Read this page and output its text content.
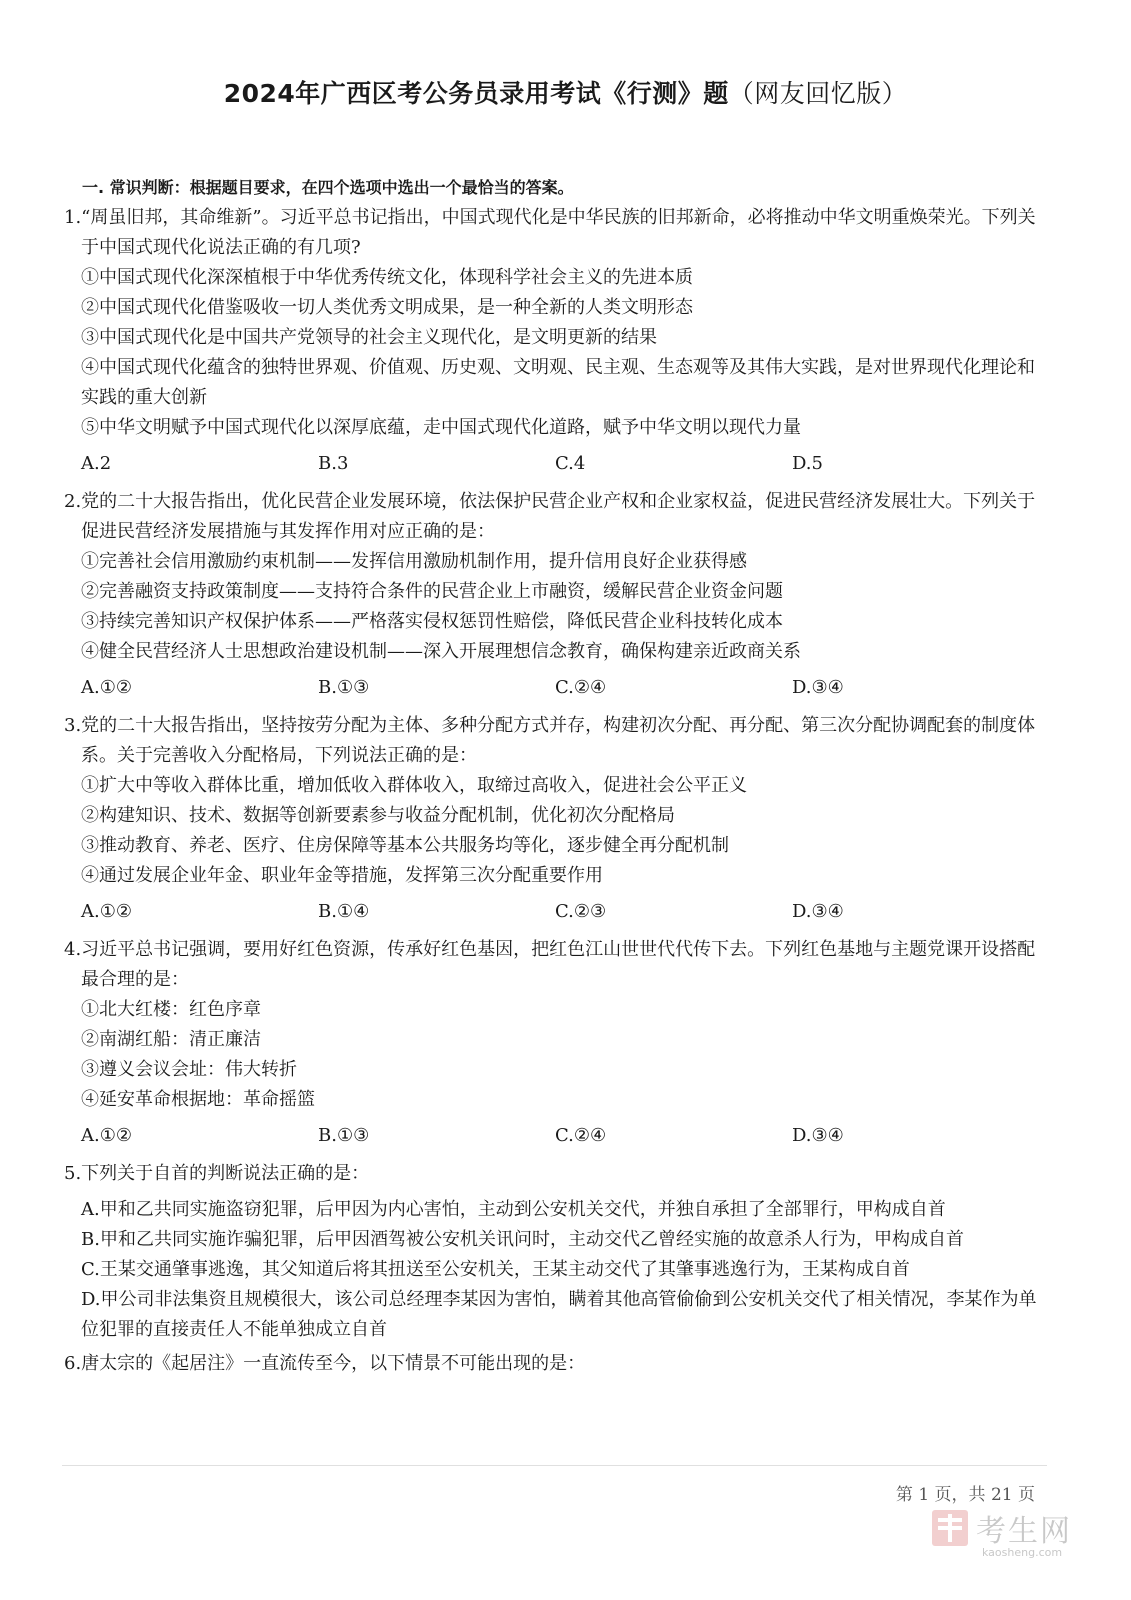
2024年广西区考公务员录用考试《行测》题（网友回忆版）

一. 常识判断：根据题目要求，在四个选项中选出一个最恰当的答案。

1.“周虽旧邦，其命维新”。习近平总书记指出，中国式现代化是中华民族的旧邦新命，必将推动中华文明重焕荣光。下列关于中国式现代化说法正确的有几项?

①中国式现代化深深植根于中华优秀传统文化，体现科学社会主义的先进本质

②中国式现代化借鉴吸收一切人类优秀文明成果，是一种全新的人类文明形态

③中国式现代化是中国共产党领导的社会主义现代化，是文明更新的结果

④中国式现代化蕴含的独特世界观、价值观、历史观、文明观、民主观、生态观等及其伟大实践，是对世界现代化理论和实践的重大创新

⑤中华文明赋予中国式现代化以深厚底蕴，走中国式现代化道路，赋予中华文明以现代力量

A.2	B.3	C.4	D.5

2.党的二十大报告指出，优化民营企业发展环境，依法保护民营企业产权和企业家权益，促进民营经济发展壮大。下列关于促进民营经济发展措施与其发挥作用对应正确的是：

①完善社会信用激励约束机制——发挥信用激励机制作用，提升信用良好企业获得感

②完善融资支持政策制度——支持符合条件的民营企业上市融资，缓解民营企业资金问题

③持续完善知识产权保护体系——严格落实侵权惩罚性赔偿，降低民营企业科技转化成本

④健全民营经济人士思想政治建设机制——深入开展理想信念教育，确保构建亲近政商关系

A.①②	B.①③	C.②④	D.③④

3.党的二十大报告指出，坚持按劳分配为主体、多种分配方式并存，构建初次分配、再分配、第三次分配协调配套的制度体系。关于完善收入分配格局，下列说法正确的是：

①扩大中等收入群体比重，增加低收入群体收入，取缔过高收入，促进社会公平正义

②构建知识、技术、数据等创新要素参与收益分配机制，优化初次分配格局

③推动教育、养老、医疗、住房保障等基本公共服务均等化，逐步健全再分配机制

④通过发展企业年金、职业年金等措施，发挥第三次分配重要作用

A.①②	B.①④	C.②③	D.③④

4.习近平总书记强调，要用好红色资源，传承好红色基因，把红色江山世世代代传下去。下列红色基地与主题党课开设搭配最合理的是：

①北大红楼：红色序章

②南湖红船：清正廉洁

③遵义会议会址：伟大转折

④延安革命根据地：革命摇篮

A.①②	B.①③	C.②④	D.③④

5.下列关于自首的判断说法正确的是：

A.甲和乙共同实施盗窃犯罪，后甲因为内心害怕，主动到公安机关交代，并独自承担了全部罪行，甲构成自首

B.甲和乙共同实施诈骗犯罪，后甲因酒驾被公安机关讯问时，主动交代乙曾经实施的故意杀人行为，甲构成自首

C.王某交通肇事逃逸，其父知道后将其扭送至公安机关，王某主动交代了其肇事逃逸行为，王某构成自首

D.甲公司非法集资且规模很大，该公司总经理李某因为害怕，瞒着其他高管偷偷到公安机关交代了相关情况，李某作为单位犯罪的直接责任人不能单独成立自首

6.唐太宗的《起居注》一直流传至今，以下情景不可能出现的是：

第 1 页，共 21 页
考生网
kaosheng.com
